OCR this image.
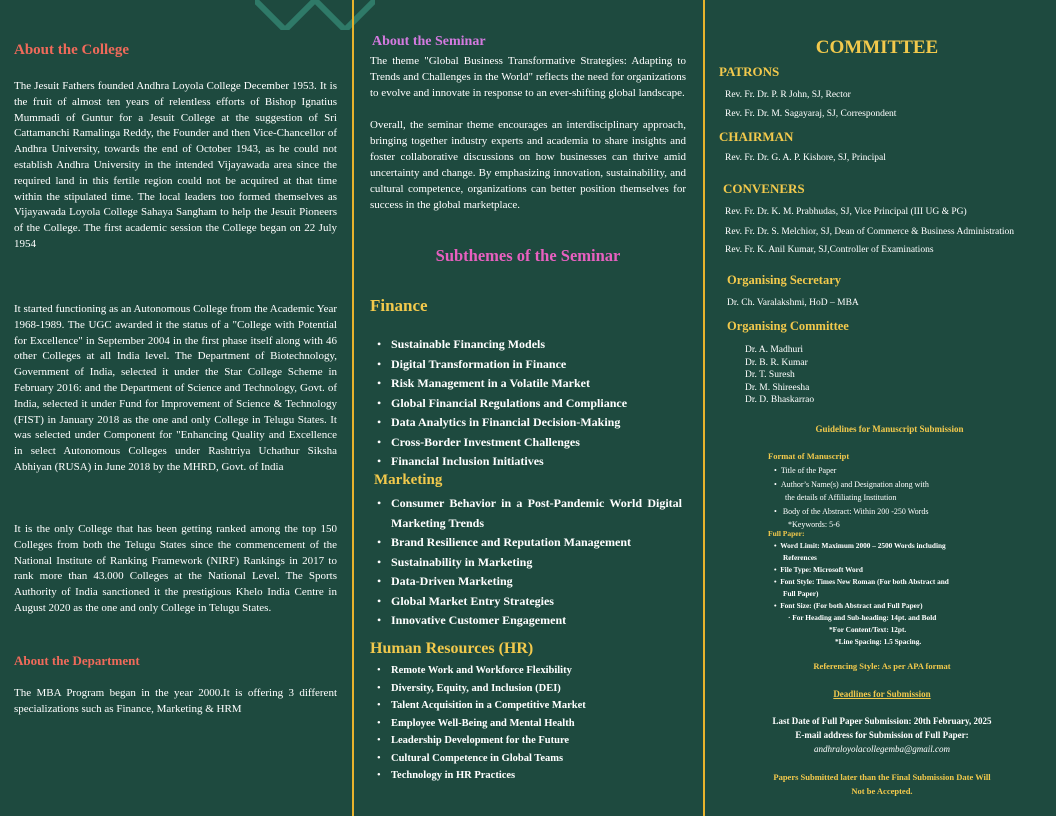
About the College

The Jesuit Fathers founded Andhra Loyola College December 1953. It is the fruit of almost ten years of relentless efforts of Bishop Ignatius Mummadi of Guntur for a Jesuit College at the suggestion of Sri Cattamanchi Ramalinga Reddy, the Founder and then Vice-Chancellor of Andhra University, towards the end of October 1943, as he could not establish Andhra University in the intended Vijayawada area since the required land in this fertile region could not be acquired at that time within the stipulated time. The local leaders too formed themselves as Vijayawada Loyola College Sahaya Sangham to help the Jesuit Pioneers of the College. The first academic session the College began on 22 July 1954

It started functioning as an Autonomous College from the Academic Year 1968-1989. The UGC awarded it the status of a "College with Potential for Excellence" in September 2004 in the first phase itself along with 46 other Colleges at all India level. The Department of Biotechnology, Government of India, selected it under the Star College Scheme in February 2016: and the Department of Science and Technology, Govt. of India, selected it under Fund for Improvement of Science & Technology (FIST) in January 2018 as the one and only College in Telugu States. It was selected under Component for "Enhancing Quality and Excellence in select Autonomous Colleges under Rashtriya Uchathur Siksha Abhiyan (RUSA) in June 2018 by the MHRD, Govt. of India

It is the only College that has been getting ranked among the top 150 Colleges from both the Telugu States since the commencement of the National Institute of Ranking Framework (NIRF) Rankings in 2017 to rank more than 43.000 Colleges at the National Level. The Sports Authority of India sanctioned it the prestigious Khelo India Centre in August 2020 as the one and only College in Telugu States.

About the Department

The MBA Program began in the year 2000.It is offering 3 different specializations such as Finance, Marketing & HRM

About the Seminar

The theme "Global Business Transformative Strategies: Adapting to Trends and Challenges in the World" reflects the need for organizations to evolve and innovate in response to an ever-shifting global landscape.

Overall, the seminar theme encourages an interdisciplinary approach, bringing together industry experts and academia to share insights and foster collaborative discussions on how businesses can thrive amid uncertainty and change. By emphasizing innovation, sustainability, and cultural competence, organizations can better position themselves for success in the global marketplace.

Subthemes of the Seminar
Finance
• Sustainable Financing Models
• Digital Transformation in Finance
• Risk Management in a Volatile Market
• Global Financial Regulations and Compliance
• Data Analytics in Financial Decision-Making
• Cross-Border Investment Challenges
• Financial Inclusion Initiatives
Marketing
• Consumer Behavior in a Post-Pandemic World Digital Marketing Trends
• Brand Resilience and Reputation Management
• Sustainability in Marketing
• Data-Driven Marketing
• Global Market Entry Strategies
• Innovative Customer Engagement
Human Resources (HR)
• Remote Work and Workforce Flexibility
• Diversity, Equity, and Inclusion (DEI)
• Talent Acquisition in a Competitive Market
• Employee Well-Being and Mental Health
• Leadership Development for the Future
• Cultural Competence in Global Teams
• Technology in HR Practices
COMMITTEE
PATRONS
Rev. Fr. Dr. P. R John, SJ, Rector
Rev. Fr. Dr. M. Sagayaraj, SJ, Correspondent
CHAIRMAN
Rev. Fr. Dr. G. A. P. Kishore, SJ, Principal
CONVENERS
Rev. Fr. Dr. K. M. Prabhudas, SJ, Vice Principal (III UG & PG)
Rev. Fr. Dr. S. Melchior, SJ, Dean of Commerce & Business Administration
Rev. Fr. K. Anil Kumar, SJ,Controller of Examinations
Organising Secretary
Dr. Ch. Varalakshmi, HoD – MBA
Organising Committee
Dr. A. Madhuri
Dr. B. R. Kumar
Dr. T. Suresh
Dr. M. Shireesha
Dr. D. Bhaskarrao
Guidelines for Manuscript Submission
Format of Manuscript
•  Title of the Paper
•  Author’s Name(s) and Designation along with
the details of Affiliating Institution
•   Body of the Abstract: Within 200 -250 Words
*Keywords: 5-6
Full Paper:
•  Word Limit: Maximum 2000 – 2500 Words including
References
•  File Type: Microsoft Word
•  Font Style: Times New Roman (For both Abstract and
Full Paper)
•  Font Size: (For both Abstract and Full Paper)
· For Heading and Sub-heading: 14pt. and Bold
*For Content/Text: 12pt.
*Line Spacing: 1.5 Spacing.
Referencing Style: As per APA format
Deadlines for Submission
Last Date of Full Paper Submission: 20th February, 2025
E-mail address for Submission of Full Paper:
andhraloyolacollegemba@gmail.com
Papers Submitted later than the Final Submission Date Will
Not be Accepted.
